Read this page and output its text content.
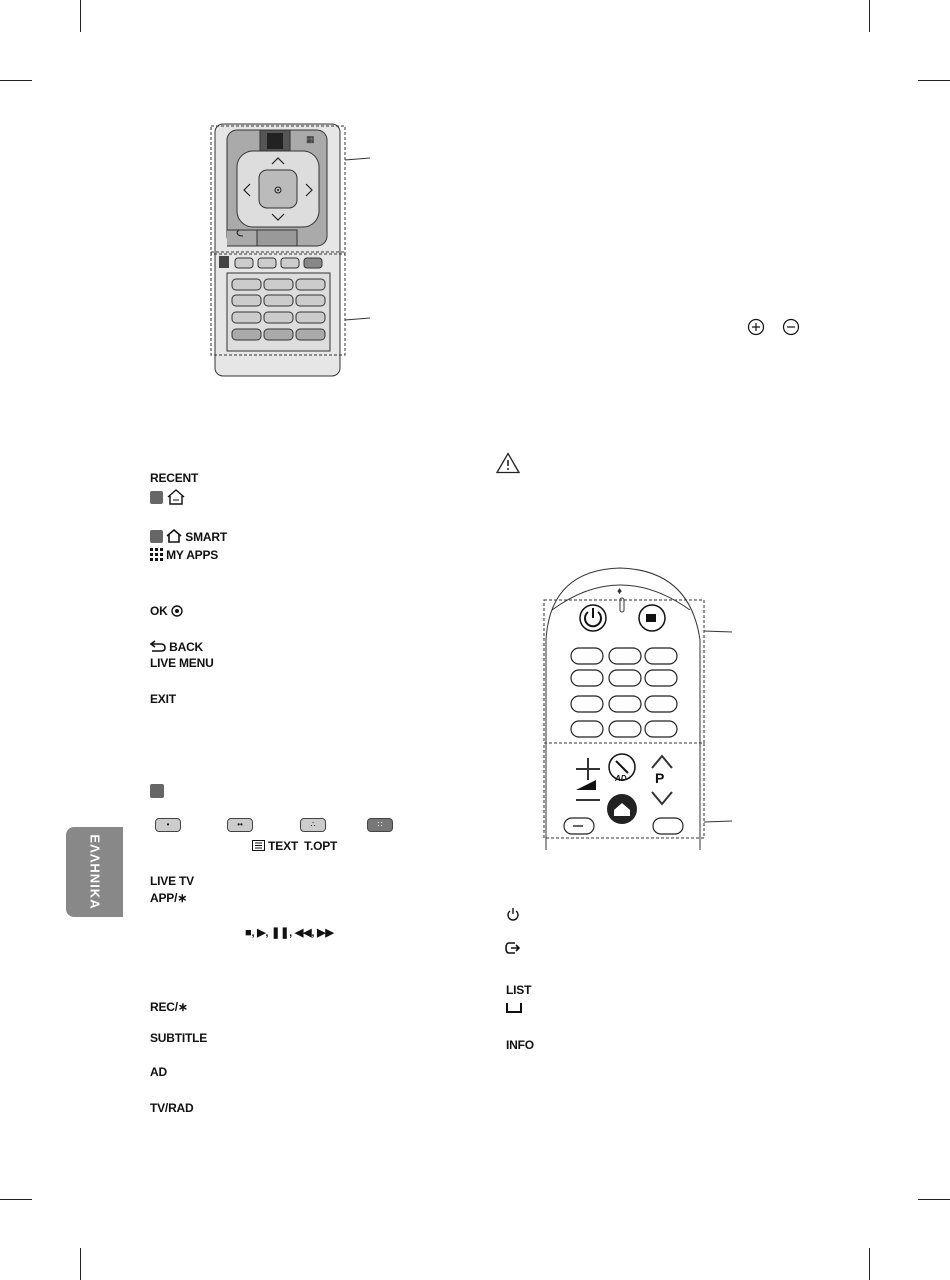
▦
RECENT

SMART
MY APPS
OK
BACK
LIVE MENU
EXIT
•	••	∴	∷
TEXT T.OPT
LIVE TV
APP/∗
■, ▶, ❚❚, ◀◀, ▶▶
REC/∗
SUBTITLE
AD
TV/RAD
ΕΛΛΗΝΙΚΑ
♦
AD P
LIST
INFO
